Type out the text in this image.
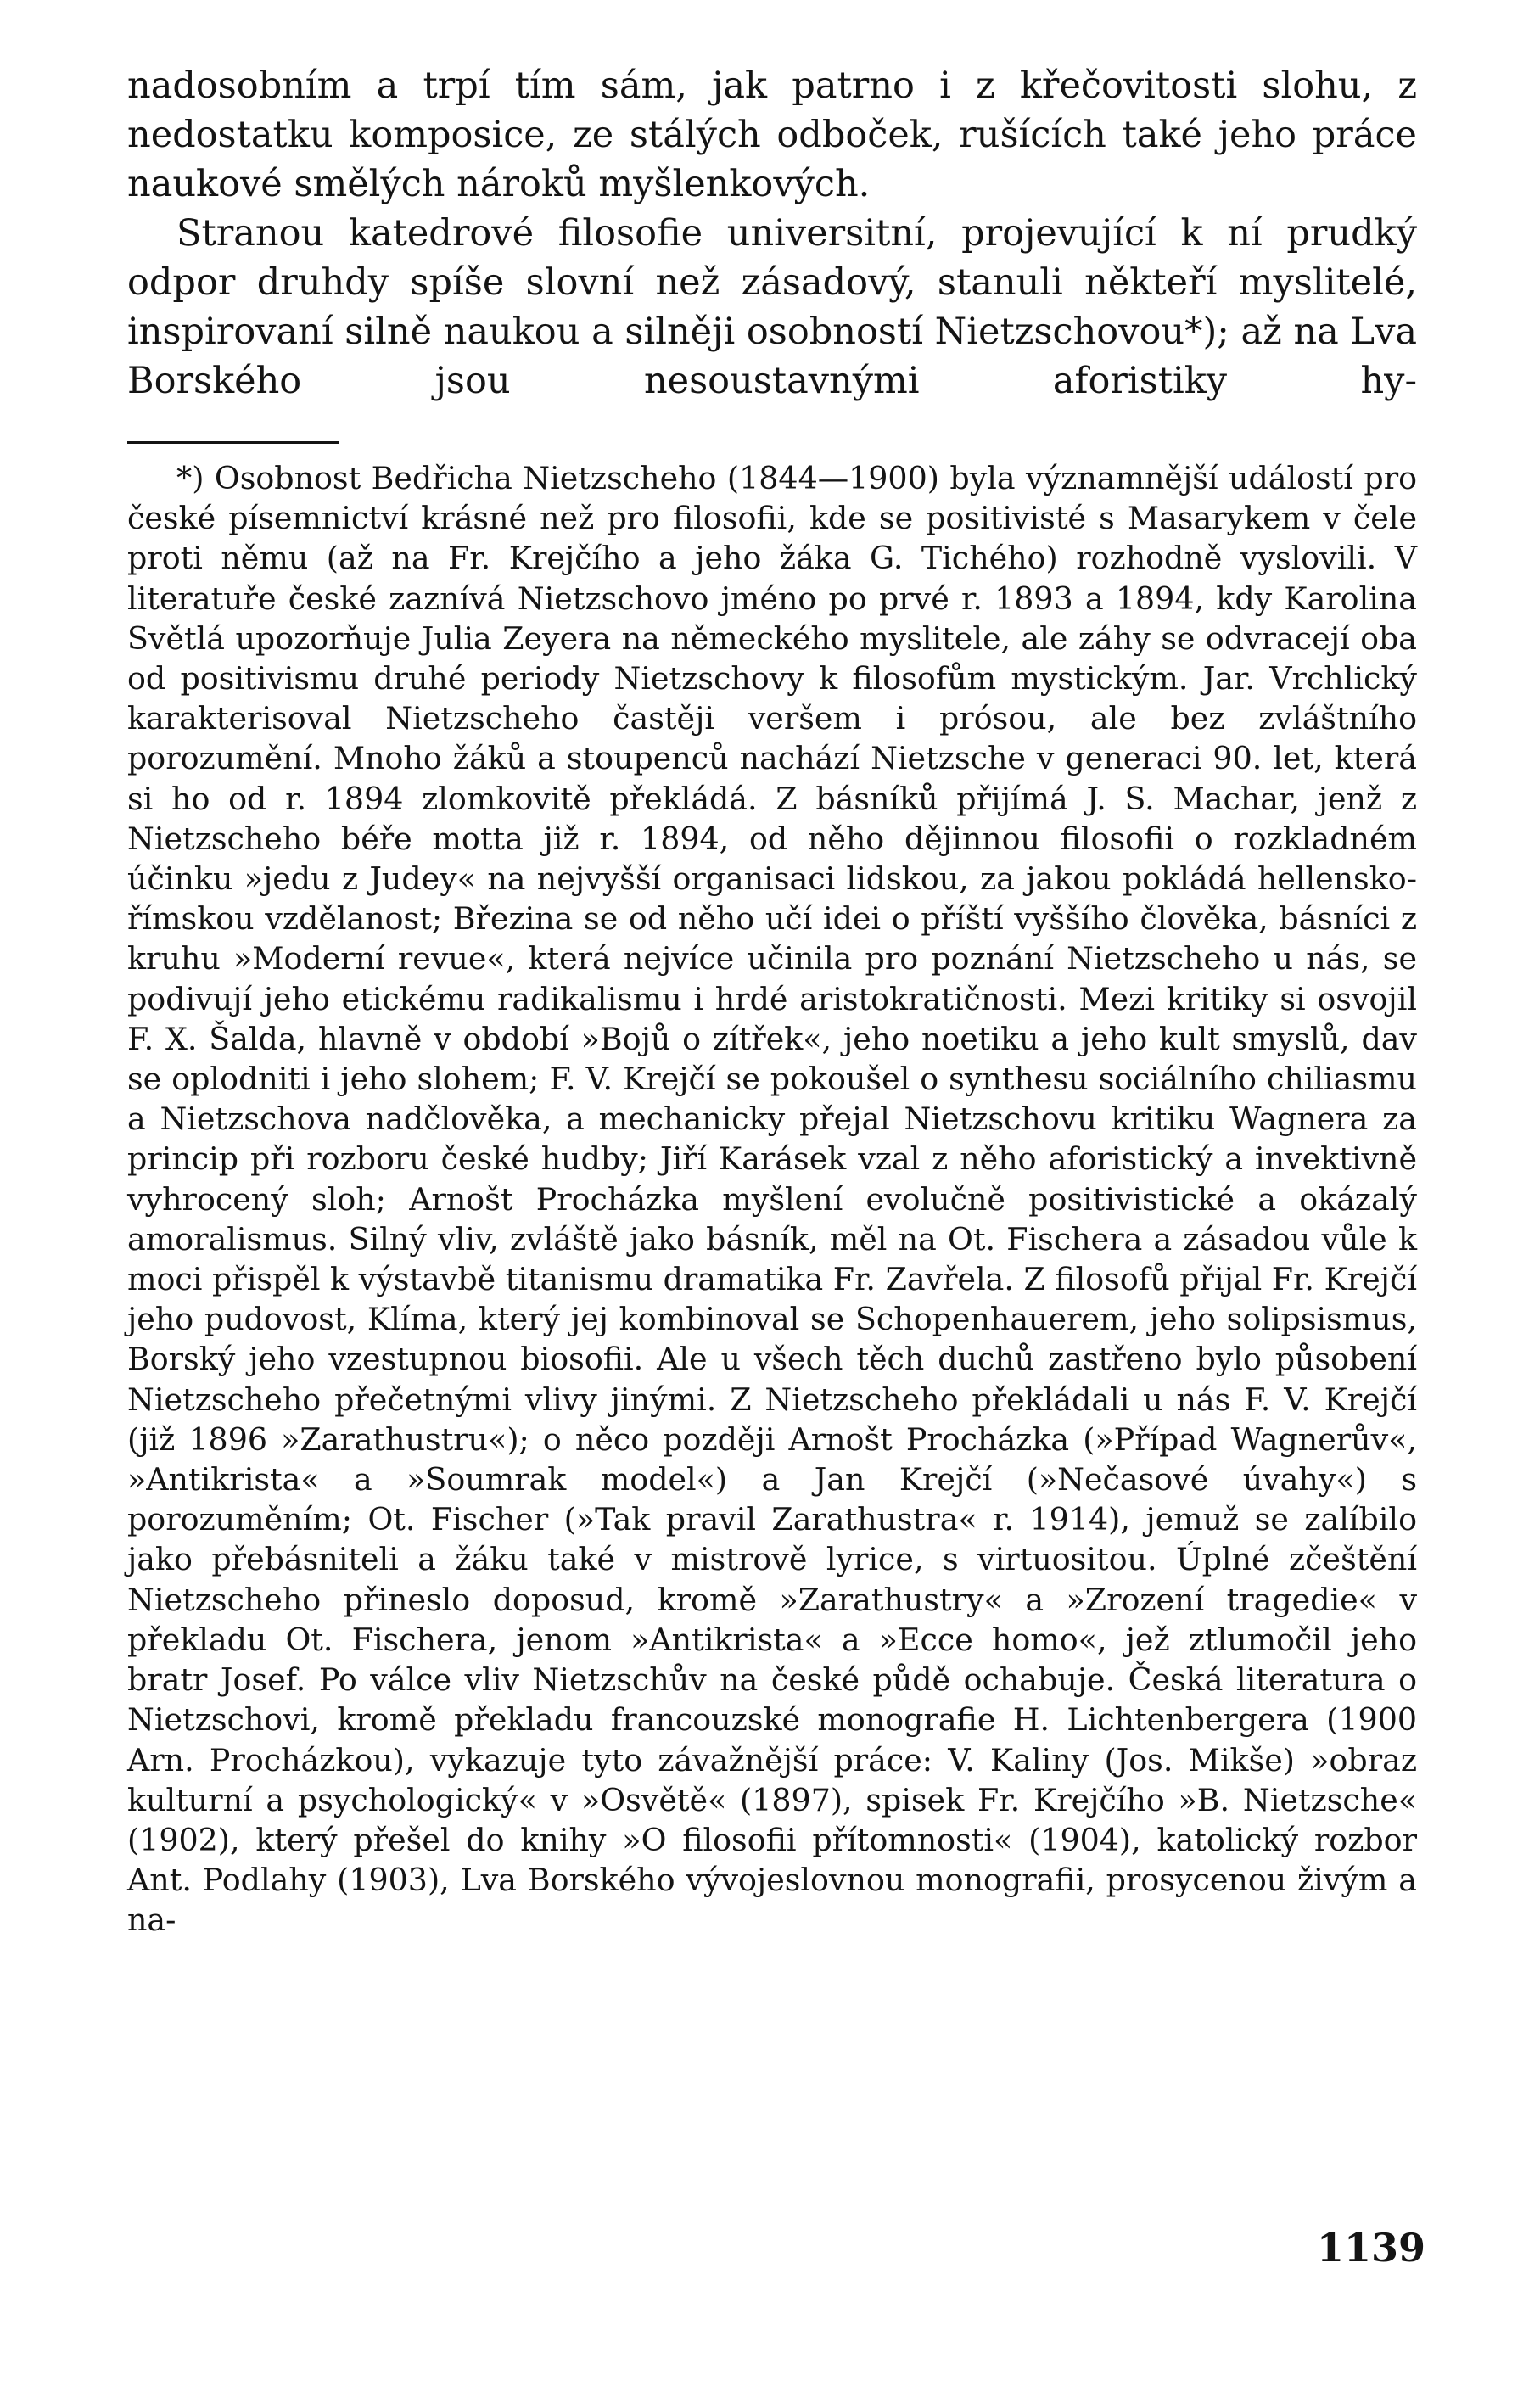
nadosobním a trpí tím sám, jak patrno i z křečovitosti slohu, z nedostatku komposice, ze stálých odboček, rušících také jeho práce naukové smělých nároků myšlenkových.

Stranou katedrové filosofie universitní, projevující k ní prudký odpor druhdy spíše slovní než zásadový, stanuli někteří myslitelé, inspirovaní silně naukou a silněji osobností Nietzschovou*); až na Lva Borského jsou nesoustavnými aforistiky hy-

*) Osobnost Bedřicha Nietzscheho (1844—1900) byla významnější událostí pro české písemnictví krásné než pro filosofii, kde se positivisté s Masarykem v čele proti němu (až na Fr. Krejčího a jeho žáka G. Tichého) rozhodně vyslovili. V literatuře české zaznívá Nietzschovo jméno po prvé r. 1893 a 1894, kdy Karolina Světlá upozorňuje Julia Zeyera na německého myslitele, ale záhy se odvracejí oba od positivismu druhé periody Nietzschovy k filosofům mystickým. Jar. Vrchlický karakterisoval Nietzscheho častěji veršem i prósou, ale bez zvláštního porozumění. Mnoho žáků a stoupenců nachází Nietzsche v generaci 90. let, která si ho od r. 1894 zlomkovitě překládá. Z básníků přijímá J. S. Machar, jenž z Nietzscheho béře motta již r. 1894, od něho dějinnou filosofii o rozkladném účinku »jedu z Judey« na nejvyšší organisaci lidskou, za jakou pokládá hellensko-římskou vzdělanost; Březina se od něho učí idei o příští vyššího člověka, básníci z kruhu »Moderní revue«, která nejvíce učinila pro poznání Nietzscheho u nás, se podivují jeho etickému radikalismu i hrdé aristokratičnosti. Mezi kritiky si osvojil F. X. Šalda, hlavně v období »Bojů o zítřek«, jeho noetiku a jeho kult smyslů, dav se oplodniti i jeho slohem; F. V. Krejčí se pokoušel o synthesu sociálního chiliasmu a Nietzschova nadčlověka, a mechanicky přejal Nietzschovu kritiku Wagnera za princip při rozboru české hudby; Jiří Karásek vzal z něho aforistický a invektivně vyhrocený sloh; Arnošt Procházka myšlení evolučně positivistické a okázalý amoralismus. Silný vliv, zvláště jako básník, měl na Ot. Fischera a zásadou vůle k moci přispěl k výstavbě titanismu dramatika Fr. Zavřela. Z filosofů přijal Fr. Krejčí jeho pudovost, Klíma, který jej kombinoval se Schopenhauerem, jeho solipsismus, Borský jeho vzestupnou biosofii. Ale u všech těch duchů zastřeno bylo působení Nietzscheho přečetnými vlivy jinými. Z Nietzscheho překládali u nás F. V. Krejčí (již 1896 »Zarathustru«); o něco později Arnošt Procházka (»Případ Wagnerův«, »Antikrista« a »Soumrak model«) a Jan Krejčí (»Nečasové úvahy«) s porozuměním; Ot. Fischer (»Tak pravil Zarathustra« r. 1914), jemuž se zalíbilo jako přebásniteli a žáku také v mistrově lyrice, s virtuositou. Úplné zčeštění Nietzscheho přineslo doposud, kromě »Zarathustry« a »Zrození tragedie« v překladu Ot. Fischera, jenom »Antikrista« a »Ecce homo«, jež ztlumočil jeho bratr Josef. Po válce vliv Nietzschův na české půdě ochabuje. Česká literatura o Nietzschovi, kromě překladu francouzské monografie H. Lichtenbergera (1900 Arn. Procházkou), vykazuje tyto závažnější práce: V. Kaliny (Jos. Mikše) »obraz kulturní a psychologický« v »Osvětě« (1897), spisek Fr. Krejčího »B. Nietzsche« (1902), který přešel do knihy »O filosofii přítomnosti« (1904), katolický rozbor Ant. Podlahy (1903), Lva Borského vývojeslovnou monografii, prosycenou živým a na-

1139
